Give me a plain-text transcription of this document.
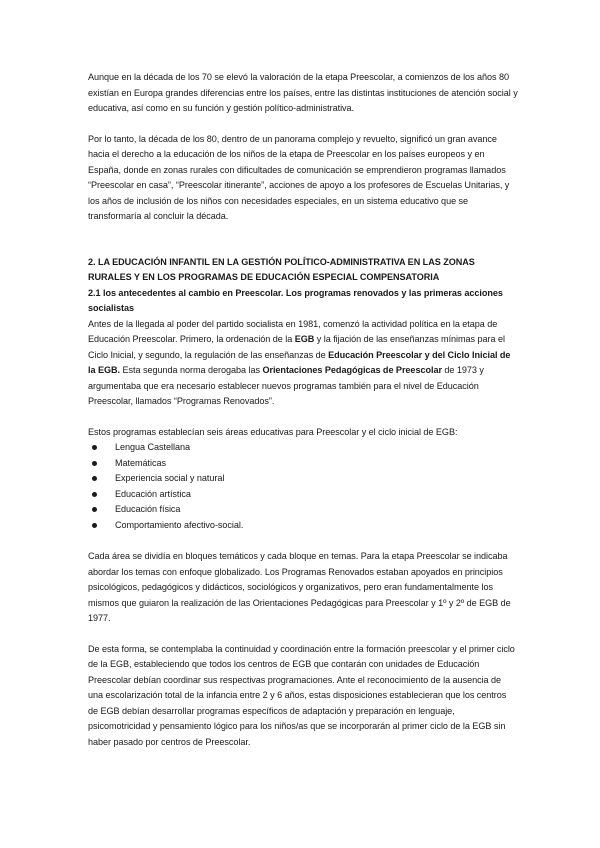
Aunque en la década de los 70 se elevó la valoración de la etapa Preescolar, a comienzos de los años 80 existían en Europa grandes diferencias entre los países, entre las distintas instituciones de atención social y educativa, así como en su función y gestión político-administrativa.

Por lo tanto, la década de los 80, dentro de un panorama complejo y revuelto, significó un gran avance hacia el derecho a la educación de los niños de la etapa de Preescolar en los países europeos y en España, donde en zonas rurales con dificultades de comunicación se emprendieron programas llamados “Preescolar en casa”, “Preescolar itinerante”, acciones de apoyo a los profesores de Escuelas Unitarias, y los años de inclusión de los niños con necesidades especiales, en un sistema educativo que se transformaría al concluir la década.

2. LA EDUCACIÓN INFANTIL EN LA GESTIÓN POLÍTICO-ADMINISTRATIVA EN LAS ZONAS RURALES Y EN LOS PROGRAMAS DE EDUCACIÓN ESPECIAL COMPENSATORIA

2.1 los antecedentes al cambio en Preescolar. Los programas renovados y las primeras acciones socialistas

Antes de la llegada al poder del partido socialista en 1981, comenzó la actividad política en la etapa de Educación Preescolar. Primero, la ordenación de la EGB y la fijación de las enseñanzas mínimas para el Ciclo Inicial, y segundo, la regulación de las enseñanzas de Educación Preescolar y del Ciclo Inicial de la EGB. Esta segunda norma derogaba las Orientaciones Pedagógicas de Preescolar de 1973 y argumentaba que era necesario establecer nuevos programas también para el nivel de Educación Preescolar, llamados “Programas Renovados”.

Estos programas establecían seis áreas educativas para Preescolar y el ciclo inicial de EGB:

Lengua Castellana
Matemáticas
Experiencia social y natural
Educación artística
Educación física
Comportamiento afectivo-social.

Cada área se dividía en bloques temáticos y cada bloque en temas. Para la etapa Preescolar se indicaba abordar los temas con enfoque globalizado. Los Programas Renovados estaban apoyados en principios psicológicos, pedagógicos y didácticos, sociológicos y organizativos, pero eran fundamentalmente los mismos que guiaron la realización de las Orientaciones Pedagógicas para Preescolar y 1º y 2º de EGB de 1977.

De esta forma, se contemplaba la continuidad y coordinación entre la formación preescolar y el primer ciclo de la EGB, estableciendo que todos los centros de EGB que contarán con unidades de Educación Preescolar debían coordinar sus respectivas programaciones. Ante el reconocimiento de la ausencia de una escolarización total de la infancia entre 2 y 6 años, estas disposiciones establecieran que los centros de EGB debían desarrollar programas específicos de adaptación y preparación en lenguaje, psicomotricidad y pensamiento lógico para los niños/as que se incorporarán al primer ciclo de la EGB sin haber pasado por centros de Preescolar.
